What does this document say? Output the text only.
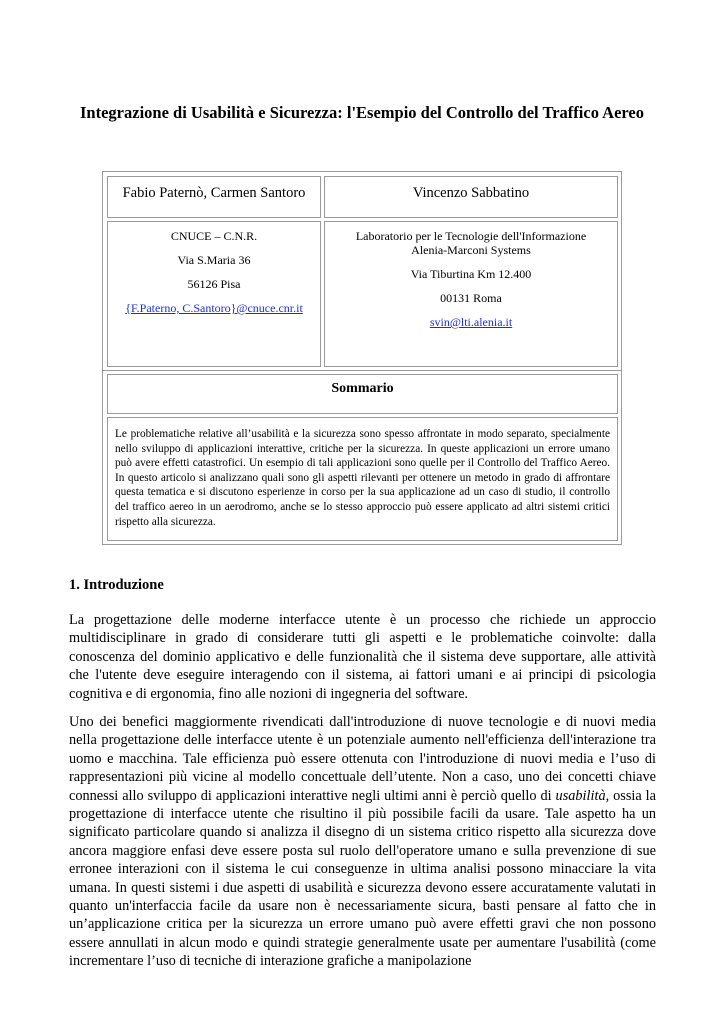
Integrazione di Usabilità e Sicurezza: l'Esempio del Controllo del Traffico Aereo
Fabio Paternò, Carmen Santoro	Vincenzo Sabbatino

CNUCE – C.N.R.

Via S.Maria 36

56126 Pisa

{F.Paterno, C.Santoro}@cnuce.cnr.it

Laboratorio per le Tecnologie dell'Informazione Alenia-Marconi Systems

Via Tiburtina Km 12.400

00131 Roma

svin@lti.alenia.it

Sommario
Le problematiche relative all’usabilità e la sicurezza sono spesso affrontate in modo separato, specialmente nello sviluppo di applicazioni interattive, critiche per la sicurezza. In queste applicazioni un errore umano può avere effetti catastrofici. Un esempio di tali applicazioni sono quelle per il Controllo del Traffico Aereo. In questo articolo si analizzano quali sono gli aspetti rilevanti per ottenere un metodo in grado di affrontare questa tematica e si discutono esperienze in corso per la sua applicazione ad un caso di studio, il controllo del traffico aereo in un aerodromo, anche se lo stesso approccio può essere applicato ad altri sistemi critici rispetto alla sicurezza.
1. Introduzione

La progettazione delle moderne interfacce utente è un processo che richiede un approccio multidisciplinare in grado di considerare tutti gli aspetti e le problematiche coinvolte: dalla conoscenza del dominio applicativo e delle funzionalità che il sistema deve supportare, alle attività che l'utente deve eseguire interagendo con il sistema, ai fattori umani e ai principi di psicologia cognitiva e di ergonomia, fino alle nozioni di ingegneria del software.

Uno dei benefici maggiormente rivendicati dall'introduzione di nuove tecnologie e di nuovi media nella progettazione delle interfacce utente è un potenziale aumento nell'efficienza dell'interazione tra uomo e macchina. Tale efficienza può essere ottenuta con l'introduzione di nuovi media e l’uso di rappresentazioni più vicine al modello concettuale dell’utente. Non a caso, uno dei concetti chiave connessi allo sviluppo di applicazioni interattive negli ultimi anni è perciò quello di usabilità, ossia la progettazione di interfacce utente che risultino il più possibile facili da usare. Tale aspetto ha un significato particolare quando si analizza il disegno di un sistema critico rispetto alla sicurezza dove ancora maggiore enfasi deve essere posta sul ruolo dell'operatore umano e sulla prevenzione di sue erronee interazioni con il sistema le cui conseguenze in ultima analisi possono minacciare la vita umana. In questi sistemi i due aspetti di usabilità e sicurezza devono essere accuratamente valutati in quanto un'interfaccia facile da usare non è necessariamente sicura, basti pensare al fatto che in un’applicazione critica per la sicurezza un errore umano può avere effetti gravi che non possono essere annullati in alcun modo e quindi strategie generalmente usate per aumentare l'usabilità (come incrementare l’uso di tecniche di interazione grafiche a manipolazione
